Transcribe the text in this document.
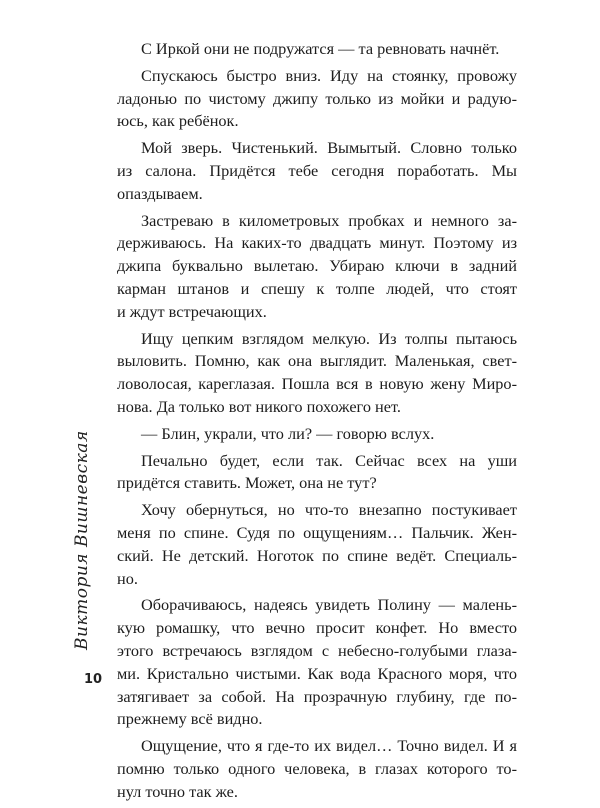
С Иркой они не подружатся — та ревновать начнёт.

Спускаюсь быстро вниз. Иду на стоянку, провожу
ладонью по чистому джипу только из мойки и радую-
юсь, как ребёнок.

Мой зверь. Чистенький. Вымытый. Словно только
из салона. Придётся тебе сегодня поработать. Мы
опаздываем.

Застреваю в километровых пробках и немного за-
держиваюсь. На каких-то двадцать минут. Поэтому из
джипа буквально вылетаю. Убираю ключи в задний
карман штанов и спешу к толпе людей, что стоят
и ждут встречающих.

Ищу цепким взглядом мелкую. Из толпы пытаюсь
выловить. Помню, как она выглядит. Маленькая, свет-
ловолосая, кареглазая. Пошла вся в новую жену Миро-
нова. Да только вот никого похожего нет.

— Блин, украли, что ли? — говорю вслух.

Печально будет, если так. Сейчас всех на уши
придётся ставить. Может, она не тут?

Хочу обернуться, но что-то внезапно постукивает
меня по спине. Судя по ощущениям… Пальчик. Жен-
ский. Не детский. Ноготок по спине ведёт. Специаль-
но.

Оборачиваюсь, надеясь увидеть Полину — малень-
кую ромашку, что вечно просит конфет. Но вместо
этого встречаюсь взглядом с небесно-голубыми глаза-
ми. Кристально чистыми. Как вода Красного моря, что
затягивает за собой. На прозрачную глубину, где по-
прежнему всё видно.

Ощущение, что я где-то их видел… Точно видел. И я
помню только одного человека, в глазах которого то-
нул точно так же.

Виктория Вишневская
10
